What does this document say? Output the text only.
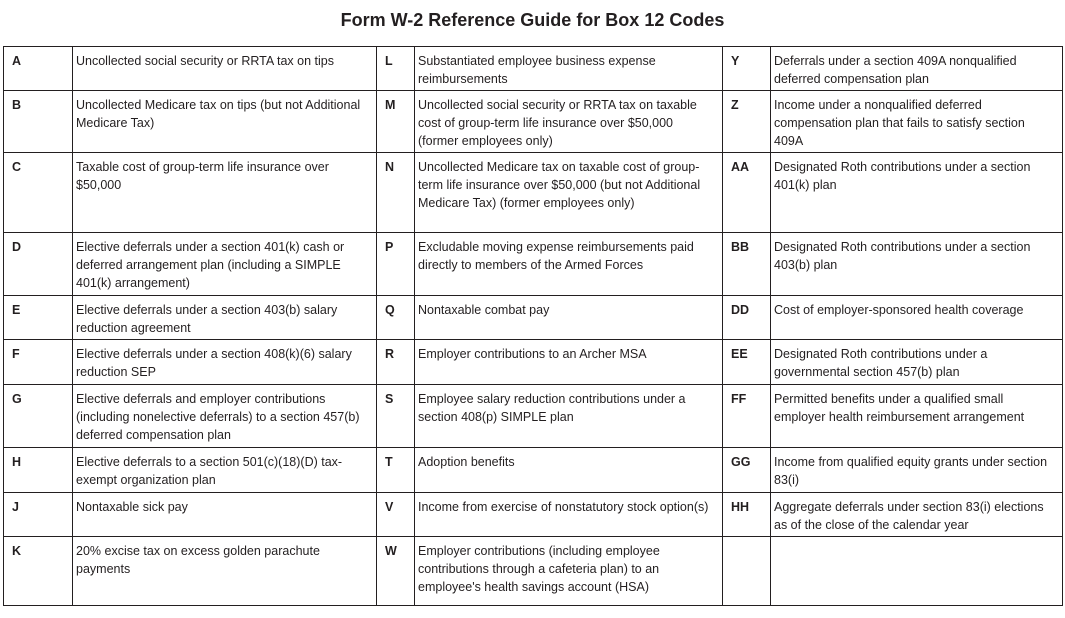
Form W-2 Reference Guide for Box 12 Codes
A	Uncollected social security or RRTA tax on tips	L	Substantiated employee business expense reimbursements	Y	Deferrals under a section 409A nonqualified deferred compensation plan
B	Uncollected Medicare tax on tips (but not Additional Medicare Tax)	M	Uncollected social security or RRTA tax on taxable cost of group-term life insurance over $50,000 (former employees only)	Z	Income under a nonqualified deferred compensation plan that fails to satisfy section 409A
C	Taxable cost of group-term life insurance over $50,000	N	Uncollected Medicare tax on taxable cost of group-term life insurance over $50,000 (but not Additional Medicare Tax) (former employees only)	AA	Designated Roth contributions under a section 401(k) plan
D	Elective deferrals under a section 401(k) cash or deferred arrangement plan (including a SIMPLE 401(k) arrangement)	P	Excludable moving expense reimbursements paid directly to members of the Armed Forces	BB	Designated Roth contributions under a section 403(b) plan
E	Elective deferrals under a section 403(b) salary reduction agreement	Q	Nontaxable combat pay	DD	Cost of employer-sponsored health coverage
F	Elective deferrals under a section 408(k)(6) salary reduction SEP	R	Employer contributions to an Archer MSA	EE	Designated Roth contributions under a governmental section 457(b) plan
G	Elective deferrals and employer contributions (including nonelective deferrals) to a section 457(b) deferred compensation plan	S	Employee salary reduction contributions under a section 408(p) SIMPLE plan	FF	Permitted benefits under a qualified small employer health reimbursement arrangement
H	Elective deferrals to a section 501(c)(18)(D) tax-exempt organization plan	T	Adoption benefits	GG	Income from qualified equity grants under section 83(i)
J	Nontaxable sick pay	V	Income from exercise of nonstatutory stock option(s)	HH	Aggregate deferrals under section 83(i) elections as of the close of the calendar year
K	20% excise tax on excess golden parachute payments	W	Employer contributions (including employee contributions through a cafeteria plan) to an employee's health savings account (HSA)		
